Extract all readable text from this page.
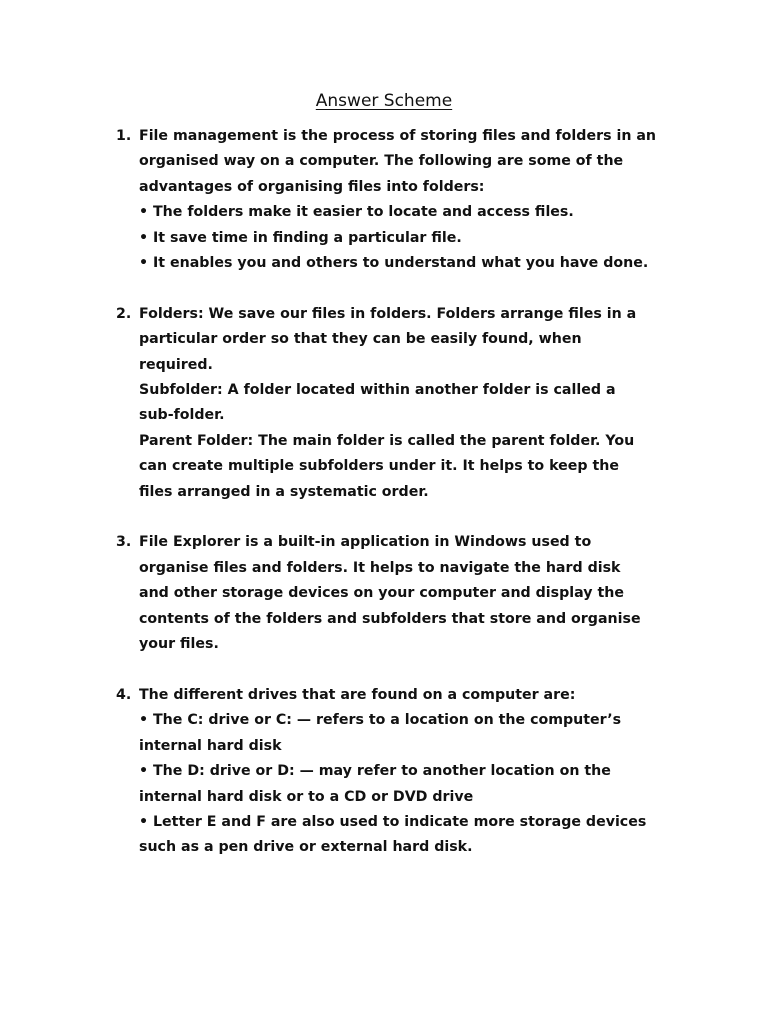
Answer Scheme
1. File management is the process of storing files and folders in an
organised way on a computer. The following are some of the
advantages of organising files into folders:
• The folders make it easier to locate and access files.
• It save time in finding a particular file.
• It enables you and others to understand what you have done.
2. Folders: We save our files in folders. Folders arrange files in a
particular order so that they can be easily found, when
required.
Subfolder: A folder located within another folder is called a
sub-folder.
Parent Folder: The main folder is called the parent folder. You
can create multiple subfolders under it. It helps to keep the
files arranged in a systematic order.
3. File Explorer is a built-in application in Windows used to
organise files and folders. It helps to navigate the hard disk
and other storage devices on your computer and display the
contents of the folders and subfolders that store and organise
your files.
4. The different drives that are found on a computer are:
• The C: drive or C: — refers to a location on the computer’s
internal hard disk
• The D: drive or D: — may refer to another location on the
internal hard disk or to a CD or DVD drive
• Letter E and F are also used to indicate more storage devices
such as a pen drive or external hard disk.
